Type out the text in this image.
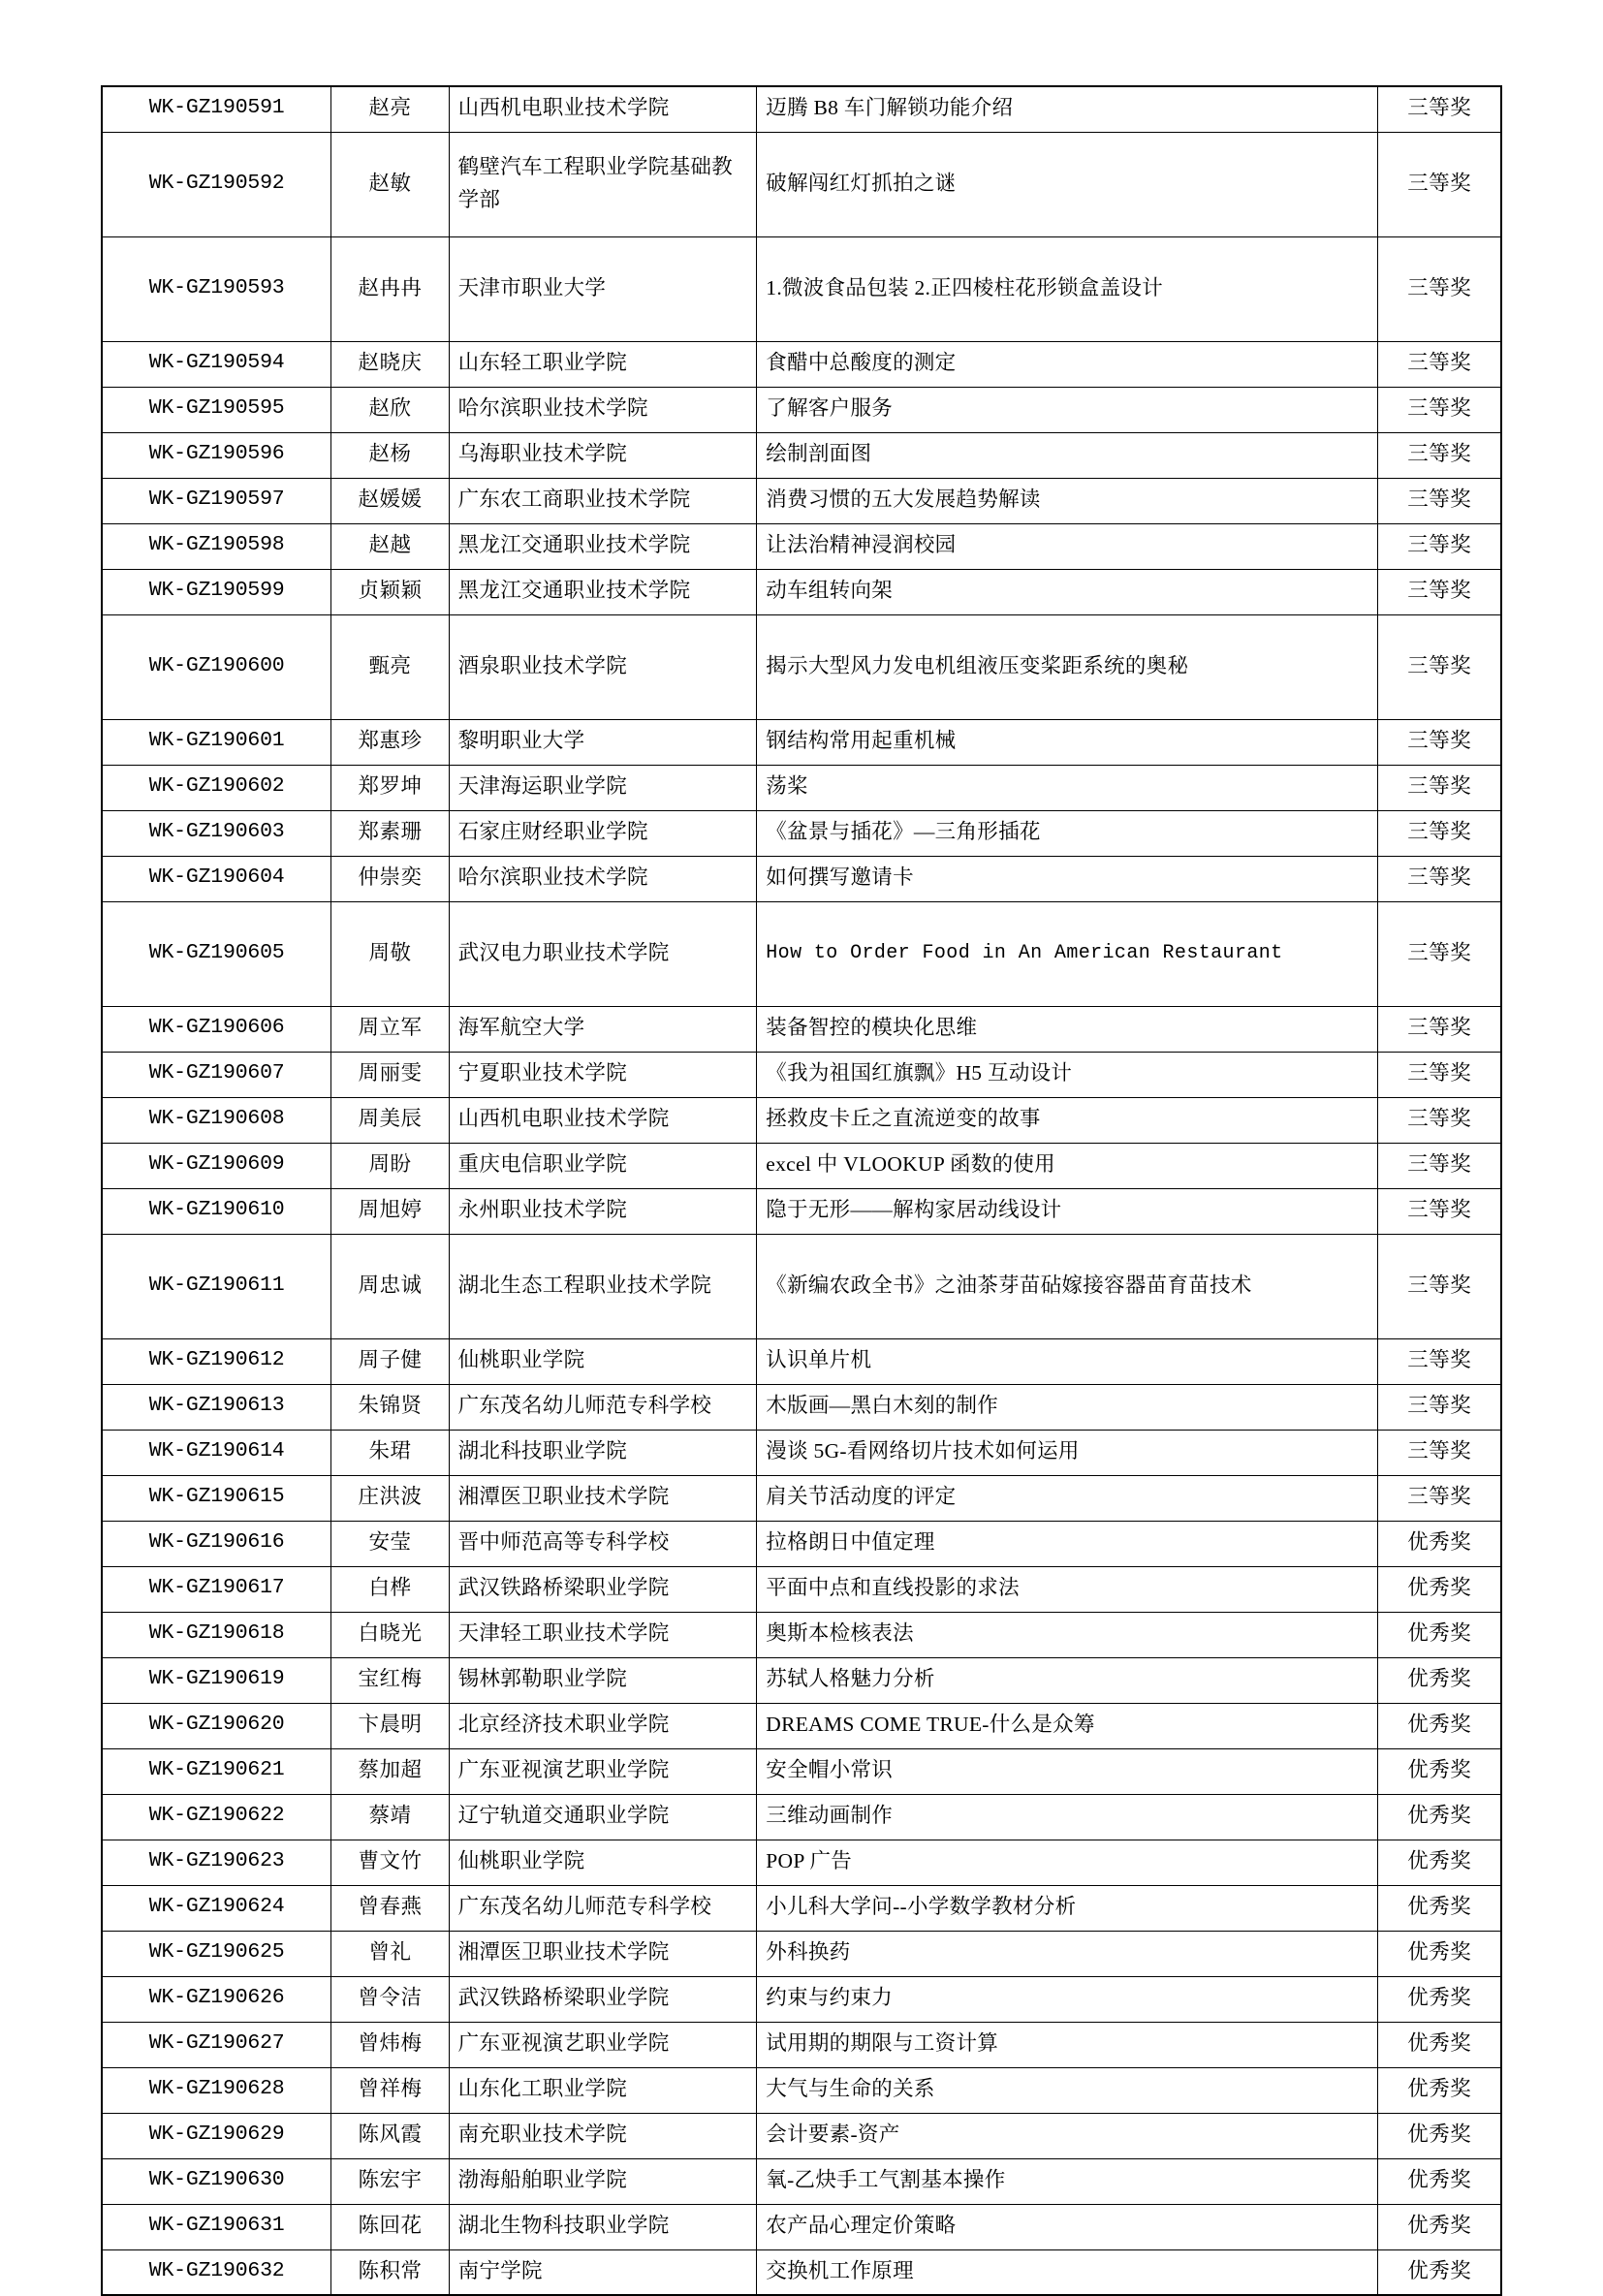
WK-GZ190591	赵亮	山西机电职业技术学院	迈腾 B8 车门解锁功能介绍	三等奖
WK-GZ190592	赵敏	鹤壁汽车工程职业学院基础教学部	破解闯红灯抓拍之谜	三等奖
WK-GZ190593	赵冉冉	天津市职业大学	1.微波食品包装 2.正四棱柱花形锁盒盖设计	三等奖
WK-GZ190594	赵晓庆	山东轻工职业学院	食醋中总酸度的测定	三等奖
WK-GZ190595	赵欣	哈尔滨职业技术学院	了解客户服务	三等奖
WK-GZ190596	赵杨	乌海职业技术学院	绘制剖面图	三等奖
WK-GZ190597	赵媛媛	广东农工商职业技术学院	消费习惯的五大发展趋势解读	三等奖
WK-GZ190598	赵越	黑龙江交通职业技术学院	让法治精神浸润校园	三等奖
WK-GZ190599	贞颖颖	黑龙江交通职业技术学院	动车组转向架	三等奖
WK-GZ190600	甄亮	酒泉职业技术学院	揭示大型风力发电机组液压变桨距系统的奥秘	三等奖
WK-GZ190601	郑惠珍	黎明职业大学	钢结构常用起重机械	三等奖
WK-GZ190602	郑罗坤	天津海运职业学院	荡桨	三等奖
WK-GZ190603	郑素珊	石家庄财经职业学院	《盆景与插花》—三角形插花	三等奖
WK-GZ190604	仲崇奕	哈尔滨职业技术学院	如何撰写邀请卡	三等奖
WK-GZ190605	周敬	武汉电力职业技术学院	How to Order Food in An American Restaurant	三等奖
WK-GZ190606	周立军	海军航空大学	装备智控的模块化思维	三等奖
WK-GZ190607	周丽雯	宁夏职业技术学院	《我为祖国红旗飘》H5 互动设计	三等奖
WK-GZ190608	周美辰	山西机电职业技术学院	拯救皮卡丘之直流逆变的故事	三等奖
WK-GZ190609	周盼	重庆电信职业学院	excel 中 VLOOKUP 函数的使用	三等奖
WK-GZ190610	周旭婷	永州职业技术学院	隐于无形——解构家居动线设计	三等奖
WK-GZ190611	周忠诚	湖北生态工程职业技术学院	《新编农政全书》之油茶芽苗砧嫁接容器苗育苗技术	三等奖
WK-GZ190612	周子健	仙桃职业学院	认识单片机	三等奖
WK-GZ190613	朱锦贤	广东茂名幼儿师范专科学校	木版画—黑白木刻的制作	三等奖
WK-GZ190614	朱珺	湖北科技职业学院	漫谈 5G-看网络切片技术如何运用	三等奖
WK-GZ190615	庄洪波	湘潭医卫职业技术学院	肩关节活动度的评定	三等奖
WK-GZ190616	安莹	晋中师范高等专科学校	拉格朗日中值定理	优秀奖
WK-GZ190617	白桦	武汉铁路桥梁职业学院	平面中点和直线投影的求法	优秀奖
WK-GZ190618	白晓光	天津轻工职业技术学院	奥斯本检核表法	优秀奖
WK-GZ190619	宝红梅	锡林郭勒职业学院	苏轼人格魅力分析	优秀奖
WK-GZ190620	卞晨明	北京经济技术职业学院	DREAMS COME TRUE-什么是众筹	优秀奖
WK-GZ190621	蔡加超	广东亚视演艺职业学院	安全帽小常识	优秀奖
WK-GZ190622	蔡靖	辽宁轨道交通职业学院	三维动画制作	优秀奖
WK-GZ190623	曹文竹	仙桃职业学院	POP 广告	优秀奖
WK-GZ190624	曾春燕	广东茂名幼儿师范专科学校	小儿科大学问--小学数学教材分析	优秀奖
WK-GZ190625	曾礼	湘潭医卫职业技术学院	外科换药	优秀奖
WK-GZ190626	曾令洁	武汉铁路桥梁职业学院	约束与约束力	优秀奖
WK-GZ190627	曾炜梅	广东亚视演艺职业学院	试用期的期限与工资计算	优秀奖
WK-GZ190628	曾祥梅	山东化工职业学院	大气与生命的关系	优秀奖
WK-GZ190629	陈风霞	南充职业技术学院	会计要素-资产	优秀奖
WK-GZ190630	陈宏宇	渤海船舶职业学院	氧-乙炔手工气割基本操作	优秀奖
WK-GZ190631	陈回花	湖北生物科技职业学院	农产品心理定价策略	优秀奖
WK-GZ190632	陈积常	南宁学院	交换机工作原理	优秀奖
